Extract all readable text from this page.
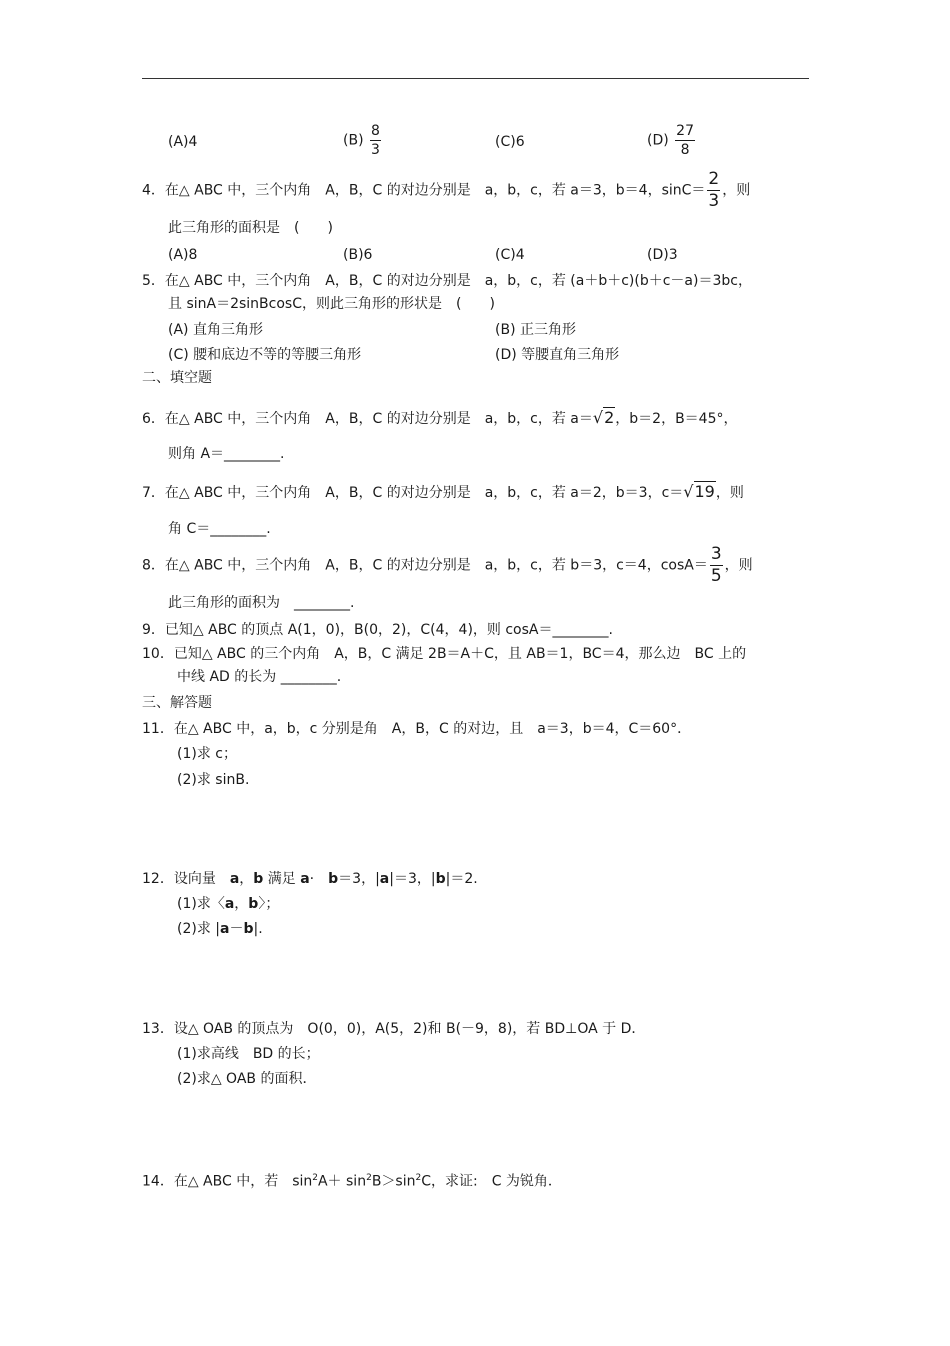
(A)4	$(B) \frac{8}{3}$	(C)6	$(D) \frac{27}{8}$
4．在△ ABC 中，三个内角　A，B，C 的对边分别是　a，b，c，若 a＝3，b＝4，$\sin C= \frac{2}{3}$ ，则
此三角形的面积是　(　　)
(A)8	(B)6	(C)4	(D)3
5．在△ ABC 中，三个内角　A，B，C 的对边分别是　a，b，c，若 (a＋b＋c)(b＋c－a)＝3bc，
且 sinA＝2sinBcosC，则此三角形的形状是　(　　)
(A) 直角三角形	(B) 正三角形
(C) 腰和底边不等的等腰三角形	(D) 等腰直角三角形
二、填空题
6．在△ ABC 中，三个内角　A，B，C 的对边分别是　a，b，c，若 a＝√2，b＝2，B＝45°，
则角 A＝________.
7．在△ ABC 中，三个内角　A，B，C 的对边分别是　a，b，c，若 a＝2，b＝3，c＝√19，则
角 C＝________.
8．在△ ABC 中，三个内角　A，B，C 的对边分别是　a，b，c，若 b＝3，c＝4，$\cos A= \frac{3}{5}$ ，则
此三角形的面积为　________.
9．已知△ ABC 的顶点 A(1，0)，B(0，2)，C(4，4)，则 cosA＝________.
10．已知△ ABC 的三个内角　A，B，C 满足 2B＝A＋C，且 AB＝1，BC＝4，那么边　BC 上的
中线 AD 的长为 ________.
三、解答题
11．在△ ABC 中，a，b，c 分别是角　A，B，C 的对边，且　a＝3，b＝4，C＝60°．
(1)求 c；
(2)求 sinB.
12．设向量　a，b 满足 a·　b＝3，|a|＝3，|b|＝2.
(1)求〈a，b〉；
(2)求 |a－b|.
13．设△ OAB 的顶点为　O(0，0)，A(5，2)和 B(－9，8)，若 BD⊥OA 于 D．
(1)求高线　BD 的长；
(2)求△ OAB 的面积．
14．在△ ABC 中，若　$\sin^2A+ \sin^2B>\sin^2C$，求证:　C 为锐角．
